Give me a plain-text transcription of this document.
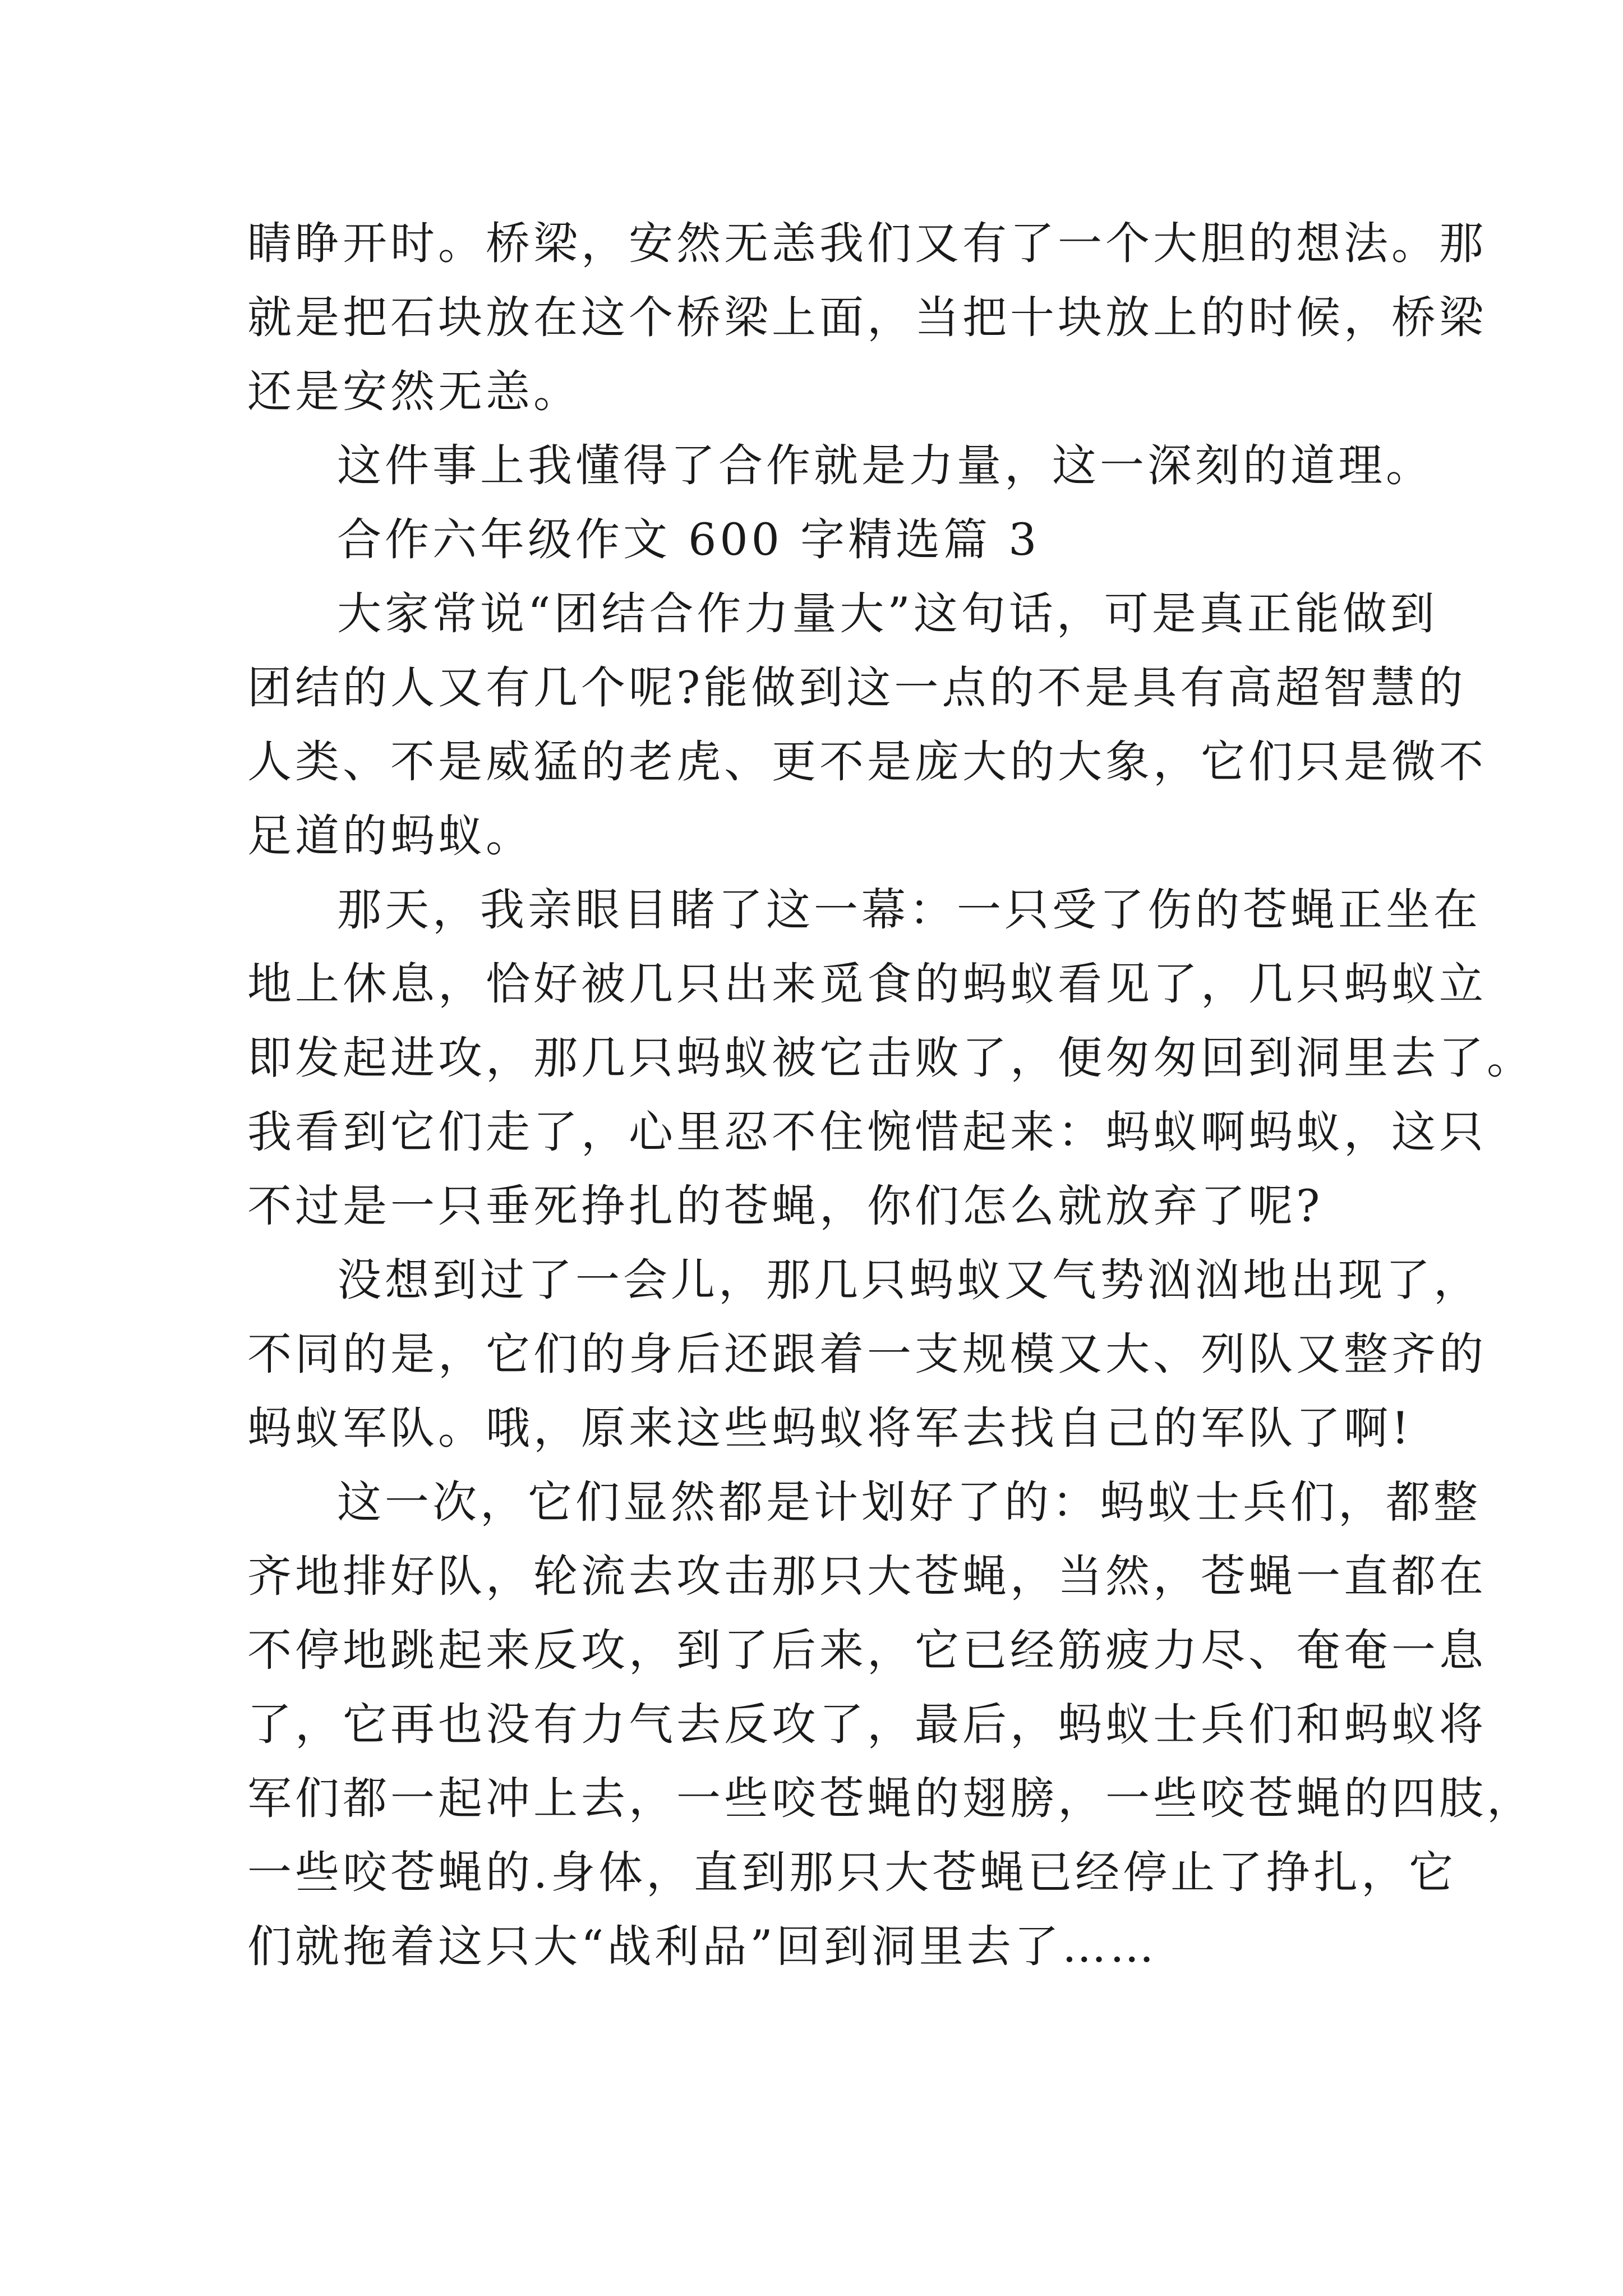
睛睁开时。桥梁，安然无恙我们又有了一个大胆的想法。那
就是把石块放在这个桥梁上面，当把十块放上的时候，桥梁
还是安然无恙。
这件事上我懂得了合作就是力量，这一深刻的道理。
合作六年级作文 600 字精选篇 3
大家常说“团结合作力量大”这句话，可是真正能做到
团结的人又有几个呢?能做到这一点的不是具有高超智慧的
人类、不是威猛的老虎、更不是庞大的大象，它们只是微不
足道的蚂蚁。
那天，我亲眼目睹了这一幕：一只受了伤的苍蝇正坐在
地上休息，恰好被几只出来觅食的蚂蚁看见了，几只蚂蚁立
即发起进攻，那几只蚂蚁被它击败了，便匆匆回到洞里去了。
我看到它们走了，心里忍不住惋惜起来：蚂蚁啊蚂蚁，这只
不过是一只垂死挣扎的苍蝇，你们怎么就放弃了呢?
没想到过了一会儿，那几只蚂蚁又气势汹汹地出现了，
不同的是，它们的身后还跟着一支规模又大、列队又整齐的
蚂蚁军队。哦，原来这些蚂蚁将军去找自己的军队了啊!
这一次，它们显然都是计划好了的：蚂蚁士兵们，都整
齐地排好队，轮流去攻击那只大苍蝇，当然，苍蝇一直都在
不停地跳起来反攻，到了后来，它已经筋疲力尽、奄奄一息
了，它再也没有力气去反攻了，最后，蚂蚁士兵们和蚂蚁将
军们都一起冲上去，一些咬苍蝇的翅膀，一些咬苍蝇的四肢，
一些咬苍蝇的.身体，直到那只大苍蝇已经停止了挣扎，它
们就拖着这只大“战利品”回到洞里去了……
